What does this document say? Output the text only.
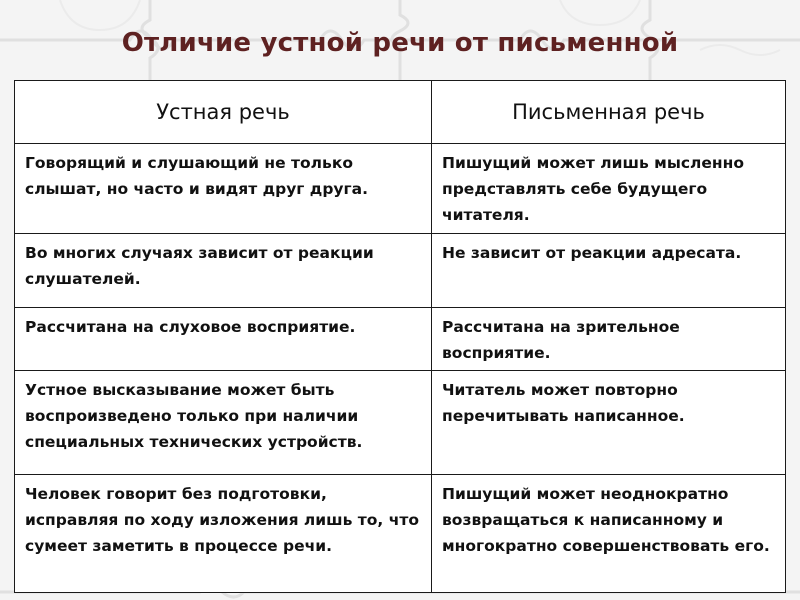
Отличие устной речи от письменной
Устная речь	Письменная речь
Говорящий и слушающий не только слышат, но часто и видят друг друга.	Пишущий может лишь мысленно представлять себе будущего читателя.
Во многих случаях зависит от реакции слушателей.	Не зависит от реакции адресата.
Рассчитана на слуховое восприятие.	Рассчитана на зрительное восприятие.
Устное высказывание может быть воспроизведено только при наличии специальных технических устройств.	Читатель может повторно перечитывать написанное.
Человек говорит без подготовки, исправляя по ходу изложения лишь то, что сумеет заметить в процессе речи.	Пишущий может неоднократно возвращаться к написанному и многократно совершенствовать его.
